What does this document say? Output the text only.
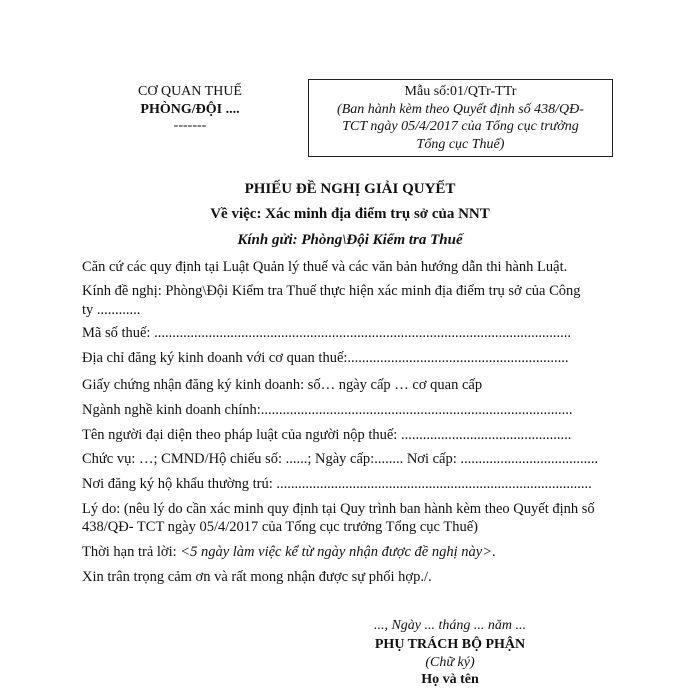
CƠ QUAN THUẾ
PHÒNG/ĐỘI ....
-------
Mẫu số:01/QTr-TTr
(Ban hành kèm theo Quyết định số 438/QĐ-
TCT ngày 05/4/2017 của Tổng cục trưởng
Tổng cục Thuế)
PHIẾU ĐỀ NGHỊ GIẢI QUYẾT
Về việc: Xác minh địa điểm trụ sở của NNT
Kính gửi: Phòng\Đội Kiểm tra Thuế
Căn cứ các quy định tại Luật Quản lý thuế và các văn bản hướng dẫn thi hành Luật.
Kính đề nghị: Phòng\Đội Kiểm tra Thuế thực hiện xác minh địa điểm trụ sở của Công
ty ............
Mã số thuế: ...................................................................................................................
Địa chỉ đăng ký kinh doanh với cơ quan thuế:.............................................................
Giấy chứng nhận đăng ký kinh doanh: số… ngày cấp … cơ quan cấp
Ngành nghề kinh doanh chính:......................................................................................
Tên người đại diện theo pháp luật của người nộp thuế: ...............................................
Chức vụ: …; CMND/Hộ chiếu số: ......; Ngày cấp:........ Nơi cấp: ......................................
Nơi đăng ký hộ khẩu thường trú: .......................................................................................
Lý do: (nêu lý do cần xác minh quy định tại Quy trình ban hành kèm theo Quyết định số
438/QĐ- TCT ngày 05/4/2017 của Tổng cục trưởng Tổng cục Thuế)
Thời hạn trả lời: <5 ngày làm việc kể từ ngày nhận được đề nghị này>.
Xin trân trọng cảm ơn và rất mong nhận được sự phối hợp./.
..., Ngày ... tháng ... năm ...
PHỤ TRÁCH BỘ PHẬN
(Chữ ký)
Họ và tên
